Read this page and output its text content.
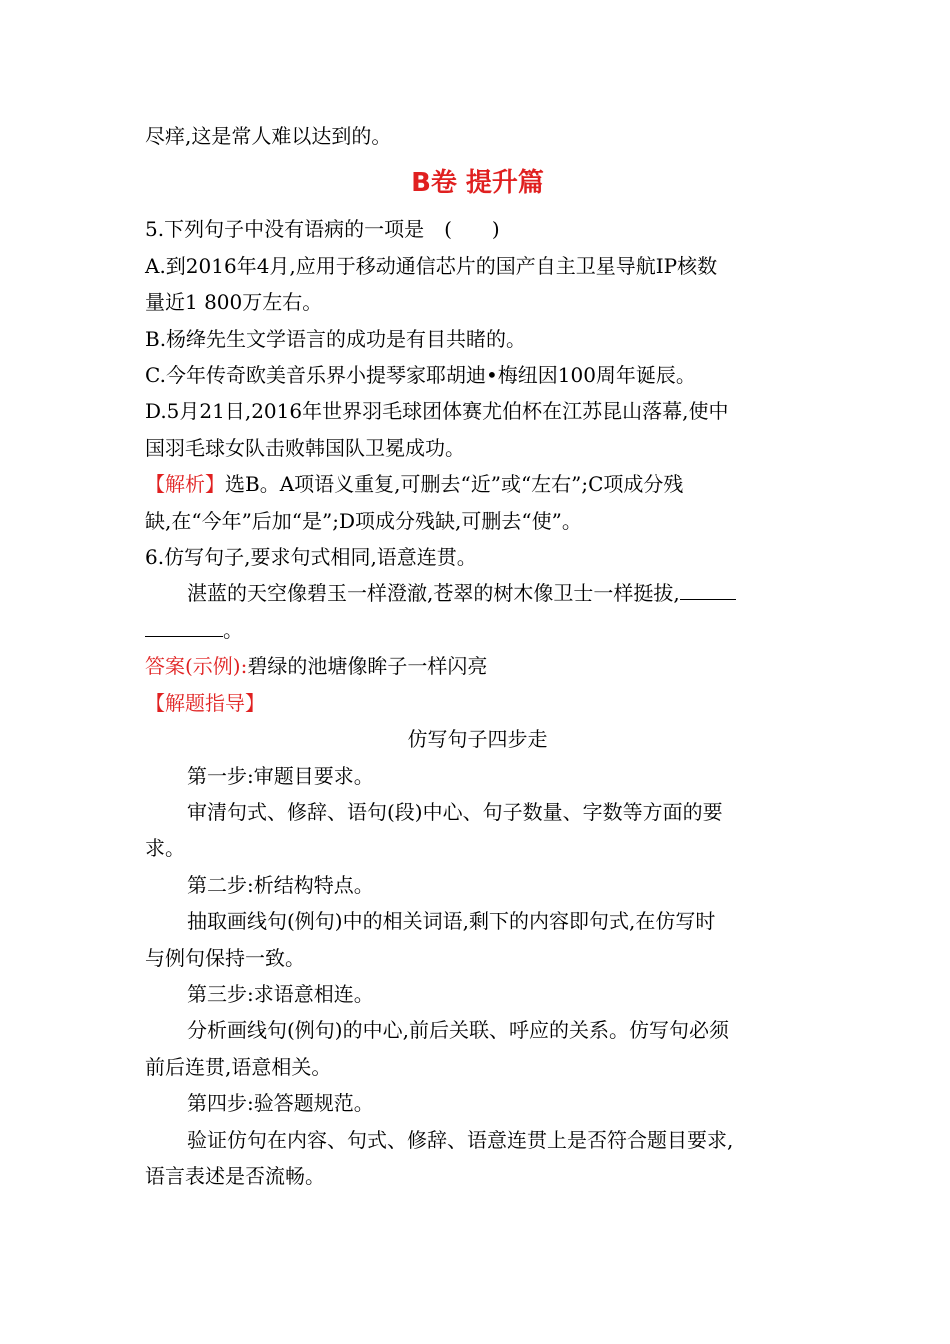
尽痒,这是常人难以达到的。
B卷 提升篇
5.下列句子中没有语病的一项是　(　　)
A.到2016年4月,应用于移动通信芯片的国产自主卫星导航IP核数
量近1 800万左右。
B.杨绛先生文学语言的成功是有目共睹的。
C.今年传奇欧美音乐界小提琴家耶胡迪•梅纽因100周年诞辰。
D.5月21日,2016年世界羽毛球团体赛尤伯杯在江苏昆山落幕,使中
国羽毛球女队击败韩国队卫冕成功。
【解析】选B。A项语义重复,可删去“近”或“左右”;C项成分残
缺,在“今年”后加“是”;D项成分残缺,可删去“使”。
6.仿写句子,要求句式相同,语意连贯。
湛蓝的天空像碧玉一样澄澈,苍翠的树木像卫士一样挺拔,
。
答案(示例):碧绿的池塘像眸子一样闪亮
【解题指导】
仿写句子四步走
第一步:审题目要求。
审清句式、修辞、语句(段)中心、句子数量、字数等方面的要
求。
第二步:析结构特点。
抽取画线句(例句)中的相关词语,剩下的内容即句式,在仿写时
与例句保持一致。
第三步:求语意相连。
分析画线句(例句)的中心,前后关联、呼应的关系。仿写句必须
前后连贯,语意相关。
第四步:验答题规范。
验证仿句在内容、句式、修辞、语意连贯上是否符合题目要求,
语言表述是否流畅。
